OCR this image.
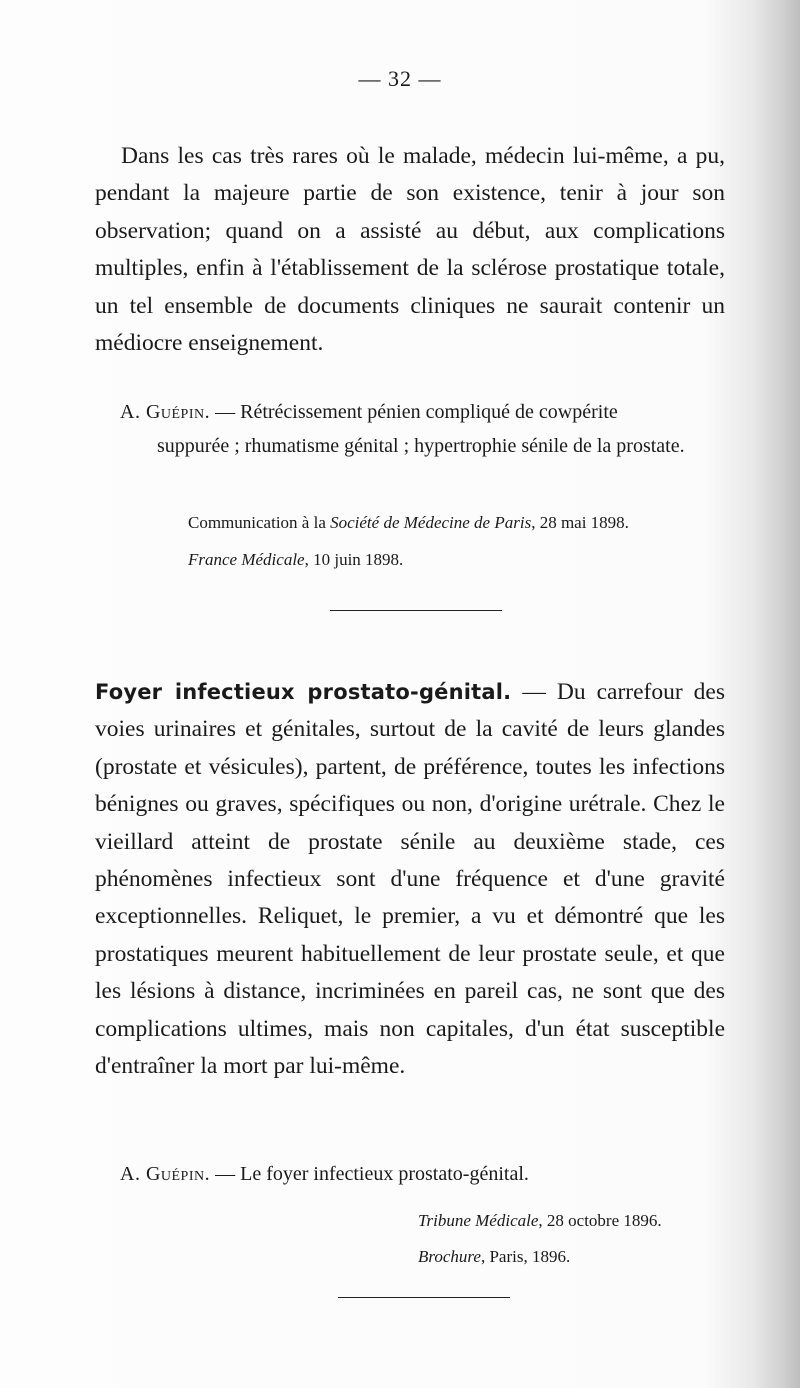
— 32 —

Dans les cas très rares où le malade, médecin lui-même, a pu, pendant la majeure partie de son existence, tenir à jour son observation; quand on a assisté au début, aux complications multiples, enfin à l'établissement de la sclérose prostatique totale, un tel ensemble de documents cliniques ne saurait contenir un médiocre enseignement.

A. Guépin. — Rétrécissement pénien compliqué de cowpérite
suppurée ; rhumatisme génital ; hypertrophie sénile de la prostate.

Communication à la Société de Médecine de Paris, 28 mai 1898.

France Médicale, 10 juin 1898.

Foyer infectieux prostato-génital. — Du carrefour des voies urinaires et génitales, surtout de la cavité de leurs glandes (prostate et vésicules), partent, de préférence, toutes les infections bénignes ou graves, spécifiques ou non, d'origine urétrale. Chez le vieillard atteint de prostate sénile au deuxième stade, ces phénomènes infectieux sont d'une fréquence et d'une gravité exceptionnelles. Reliquet, le premier, a vu et démontré que les prostatiques meurent habituellement de leur prostate seule, et que les lésions à distance, incriminées en pareil cas, ne sont que des complications ultimes, mais non capitales, d'un état susceptible d'entraîner la mort par lui-même.

A. Guépin. — Le foyer infectieux prostato-génital.

Tribune Médicale, 28 octobre 1896.

Brochure, Paris, 1896.
